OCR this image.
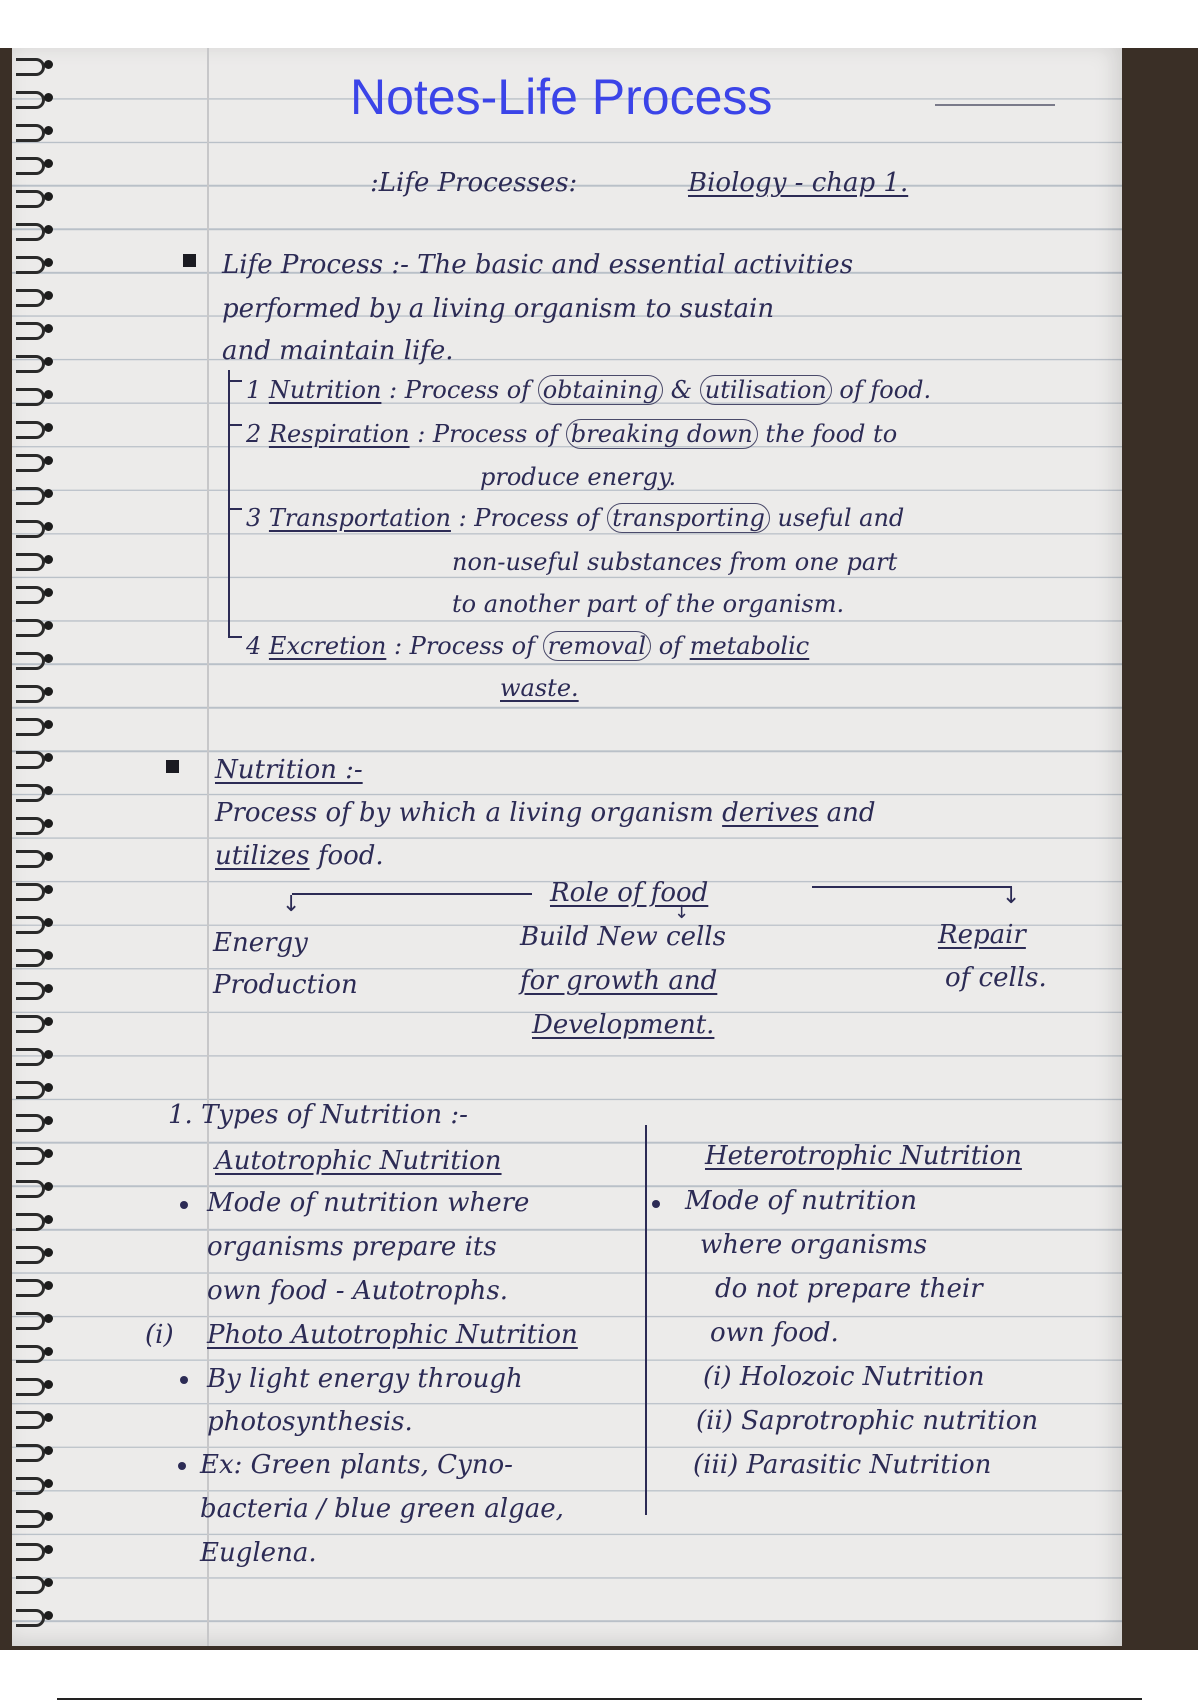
Notes-Life Process
:Life Processes:	Biology - chap 1.
Life Process :- The basic and essential activities
performed by a living organism to sustain
and maintain life.
1 Nutrition : Process of obtaining & utilisation of food.
2 Respiration : Process of breaking down the food to
produce energy.
3 Transportation : Process of transporting useful and
non-useful substances from one part
to another part of the organism.
4 Excretion : Process of removal of metabolic
waste.
Nutrition :-
Process of by which a living organism derives and
utilizes food.
↓	Role of food
↓
↓
Energy
Production
Build New cells
for growth and
Development.
Repair
of cells.
1. Types of Nutrition :-
Autotrophic Nutrition
Mode of nutrition where
organisms prepare its
own food - Autotrophs.
(i) Photo Autotrophic Nutrition
By light energy through
photosynthesis.
Ex: Green plants, Cyno-
bacteria / blue green algae,
Euglena.
Heterotrophic Nutrition
Mode of nutrition
where organisms
do not prepare their
own food.
(i) Holozoic Nutrition
(ii) Saprotrophic nutrition
(iii) Parasitic Nutrition
